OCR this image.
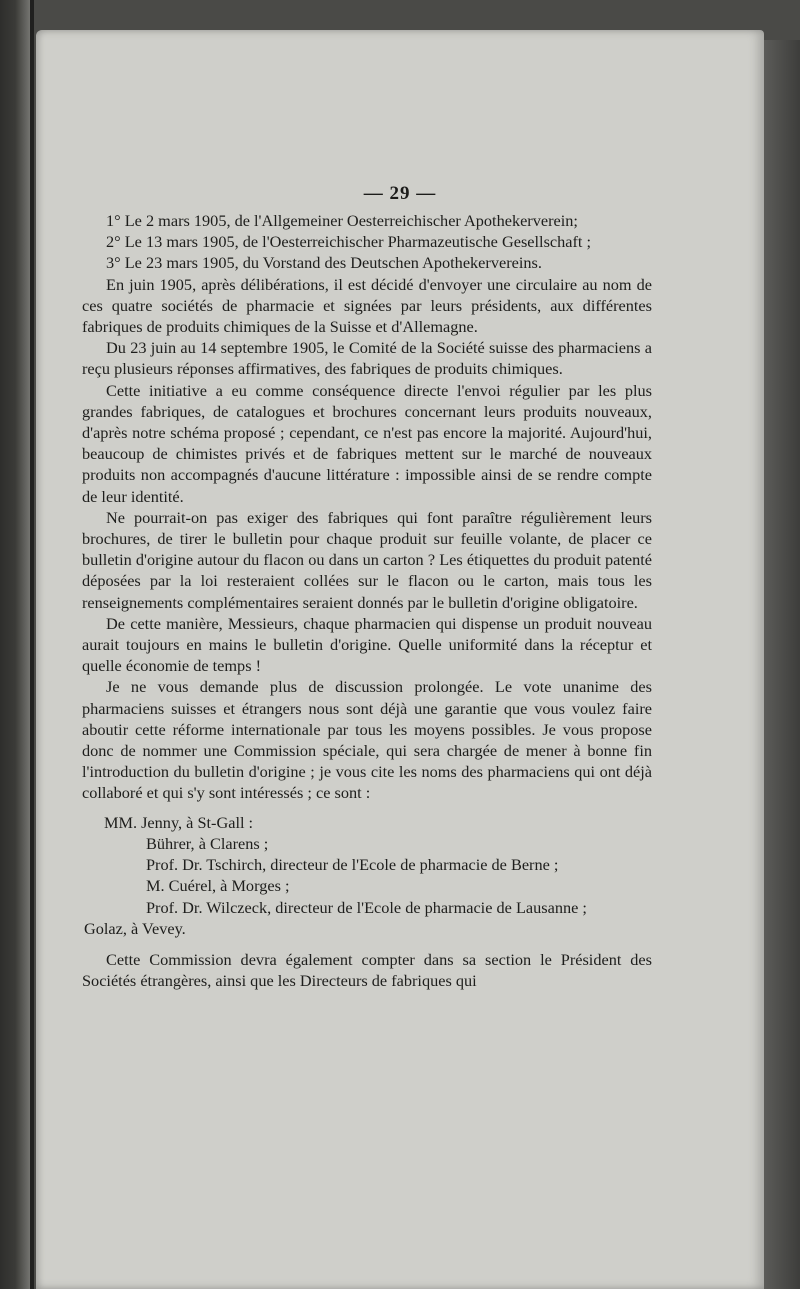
— 29 —

1° Le 2 mars 1905, de l'Allgemeiner Oesterreichischer Apothekerverein;

2° Le 13 mars 1905, de l'Oesterreichischer Pharmazeutische Gesellschaft ;

3° Le 23 mars 1905, du Vorstand des Deutschen Apothekervereins.

En juin 1905, après délibérations, il est décidé d'envoyer une circulaire au nom de ces quatre sociétés de pharmacie et signées par leurs présidents, aux différentes fabriques de produits chimiques de la Suisse et d'Allemagne.

Du 23 juin au 14 septembre 1905, le Comité de la Société suisse des pharmaciens a reçu plusieurs réponses affirmatives, des fabriques de produits chimiques.

Cette initiative a eu comme conséquence directe l'envoi régulier par les plus grandes fabriques, de catalogues et brochures concernant leurs produits nouveaux, d'après notre schéma proposé ; cependant, ce n'est pas encore la majorité. Aujourd'hui, beaucoup de chimistes privés et de fabriques mettent sur le marché de nouveaux produits non accompagnés d'aucune littérature : impossible ainsi de se rendre compte de leur identité.

Ne pourrait-on pas exiger des fabriques qui font paraître régulièrement leurs brochures, de tirer le bulletin pour chaque produit sur feuille volante, de placer ce bulletin d'origine autour du flacon ou dans un carton ? Les étiquettes du produit patenté déposées par la loi resteraient collées sur le flacon ou le carton, mais tous les renseignements complémentaires seraient donnés par le bulletin d'origine obligatoire.

De cette manière, Messieurs, chaque pharmacien qui dispense un produit nouveau aurait toujours en mains le bulletin d'origine. Quelle uniformité dans la réceptur et quelle économie de temps !

Je ne vous demande plus de discussion prolongée. Le vote unanime des pharmaciens suisses et étrangers nous sont déjà une garantie que vous voulez faire aboutir cette réforme internationale par tous les moyens possibles. Je vous propose donc de nommer une Commission spéciale, qui sera chargée de mener à bonne fin l'introduction du bulletin d'origine ; je vous cite les noms des pharmaciens qui ont déjà collaboré et qui s'y sont intéressés ; ce sont :

MM. Jenny, à St-Gall :
Bührer, à Clarens ;
Prof. Dr. Tschirch, directeur de l'Ecole de pharmacie de Berne ;
M. Cuérel, à Morges ;
Prof. Dr. Wilczeck, directeur de l'Ecole de pharmacie de Lausanne ;
Golaz, à Vevey.

Cette Commission devra également compter dans sa section le Président des Sociétés étrangères, ainsi que les Directeurs de fabriques qui
